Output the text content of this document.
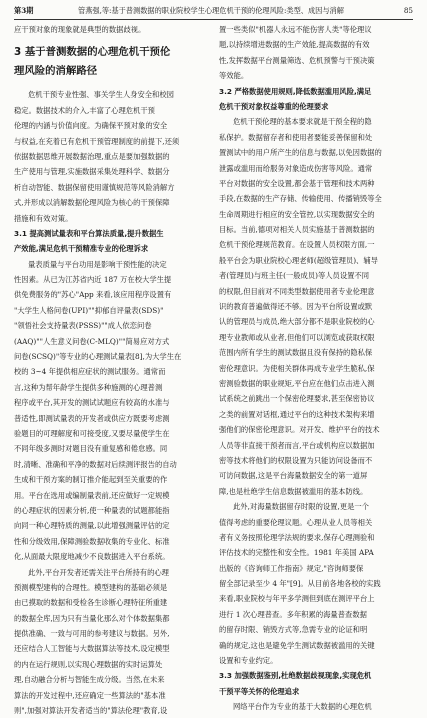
第3期	管燕强,等:基于普测数据的职业院校学生心理危机干预的伦理风险:类型、成因与消解	85
应干预对象的现象就是典型的数据歧视。
3 基于普测数据的心理危机干预伦
理风险的消解路径
危机干预专业性强、事关学生人身安全和校园
稳定。数据技术的介入,丰富了心理危机干预
伦理的内涵与价值向度。为确保平预对象的安全
与权益,在充着已有危机干预管理制度的前提下,还须
依据数据思维开展数据治理,重点是要加强数据的
生产使用与管理,实施数据采集处理科学、数据分
析自动智能、数据保留使用谨慎规范等风险消解方
式,并形成以消解数据伦理风险为核心的干预保障
措施和有效对策。
3.1 提高测试量表和平台算法质量,提升数据生
产效能,满足危机干预精准专业的伦理诉求
量表质量与平台功用是影响干预性能的决定
性因素。从已为江苏省内近 187 万在校大学生提
供免费服务的"苏心"App 来看,该应用程序设置有
"大学生人格问卷(UPI)""抑郁自评量表(SDS)"
"领悟社会支持量表(PSSS)""成人依恋问卷
(AAQ)""人生意义问卷(C-MLQ)""简易应对方式
问卷(SCSQ)"等专业的心理测试量表[8],为大学生在
校的 3~4 年提供相应症状的测试服务。通常而
言,这种为帮年龄学生提供多种施测的心理普测
程序或平台,其开发的测试试题应有较高的水准与
普适性,即测试量表的开发者或供应方既要考虑测
验题目的可理解度和可接受度,又要尽量使学生在
不同年级多测时对题目没有重复感和倦怠感。同
时,清晰、准确和平净的数据对后续测评报告的自动
生成和干预方案的制订推介能起到至关重要的作
用。平台在选用或编制量表前,还应做好一定规模
的心理症状的因素分析,使一种量表的试题都能指
向同一种心理特质的测量,以此增强测量评估的定
性和分级效用,保障测验数据收集的专业化、标准
化,从面最大限度地减少不良数据进入平台系统。
此外,平台开发者还需关注平台所持有的心理
预测模型建构的合理性。模型建构的基础必须是
由已摸取的数据和受检各生诊断心理特征所重建
的数据全库,因为只有当量化那么对个体数据集都
提供准确、一致与可用的参考建议与数据。另外,
还应结合人工智能与大数据算法等技术,设定模型
的内在运行规则,以实现心理数据的实时运算处
理,自动融合分析与智能生成分级。当然,在未来
算法的开发过程中,还应确定一些算法的"基本准
则",加强对算法开发者适当的"算法伦理"教育,设
置一些类似"机器人永远不能伤害人类"等伦理议
题,以持续增进数据的生产效能,提高数据的有效
性,发挥数据平台测量筛选、危机预警与干预决策
等效能。
3.2 严格数据使用规则,降低数据滥用风险,满足
危机干预对象权益尊重的伦理要求
危机干预伦理的基本要求就是干预全程的隐
私保护。数据留存者和使用者要能妥善保留和处
置测试中的用户所产生的信息与数据,以免因数据的
泄露或滥用而给服务对象造成伤害等风险。通常
平台对数据的安全设置,都会基于管理和技术两种
手段,在数据的生产存储、传输使用、传播销毁等全
生命周期进行相应的安全管控,以实现数据安全的
目标。当前,德项对相关人员实施基于普测数据的
危机干预伦理规范教育。在设置人员权限方面,一
般平台会为职业院校心理老师(超级管理员)、辅导
者(管理员)与班主任(一般成员)等人员设置不同
的权限,但目前对不同类型数据使用者专业伦理意
识的教育普遍做得还不够。因为平台所设置或默
认的管理员与成员,绝大部分都不是职业院校的心
理专业教师或从业者,但他们可以浏览或获取权限
范围内所有学生的测试数据且没有保持的隐私保
密伦理意识。为使相关群体再成专业学生脆私,保
密测验数据的职业规矩,平台应在他们点击进入测
试系统之前跳出一个保密伦理要求,甚至保密协议
之类的前置对话框,通过平台的这种技术架构来增
强他们的保密伦理意识。对开发、维护平台的技术
人员等非直接干预者而言,平台或机构应以数据加
密等技术将他们的权限设置为只能访问设备而不
可访问数据,这是平台海量数据安全的第一道屏
障,也是杜绝学生信息数据被滥用的基本防线。
此外,对海量数据留存时限的设置,更是一个
值得考虑的重要伦理议题。心理从业人员等相关
者有义务按照伦理学法规的要求,保存心理测验和
评估技术的完整性和安全性。1981 年美国 APA
出版的《咨询师工作指南》规定,"咨询师要保
留全部记录至少 4 年"[9]。从目前各地各校的实践
来看,职业院校与年平多学测但到底在测评平台上
进行 1 次心理普查。多年积累的海量普查数据
的留存时限、销毁方式等,急需专业的论证和明
确的规定,这也是避免学生测试数据被滥用的关键
设置和专业约定。
3.3 加强数据鉴别,杜绝数据歧视现象,实现危机
干预平等关怀的伦理追求
网络平台作为专业的基于大数据的心理危机
